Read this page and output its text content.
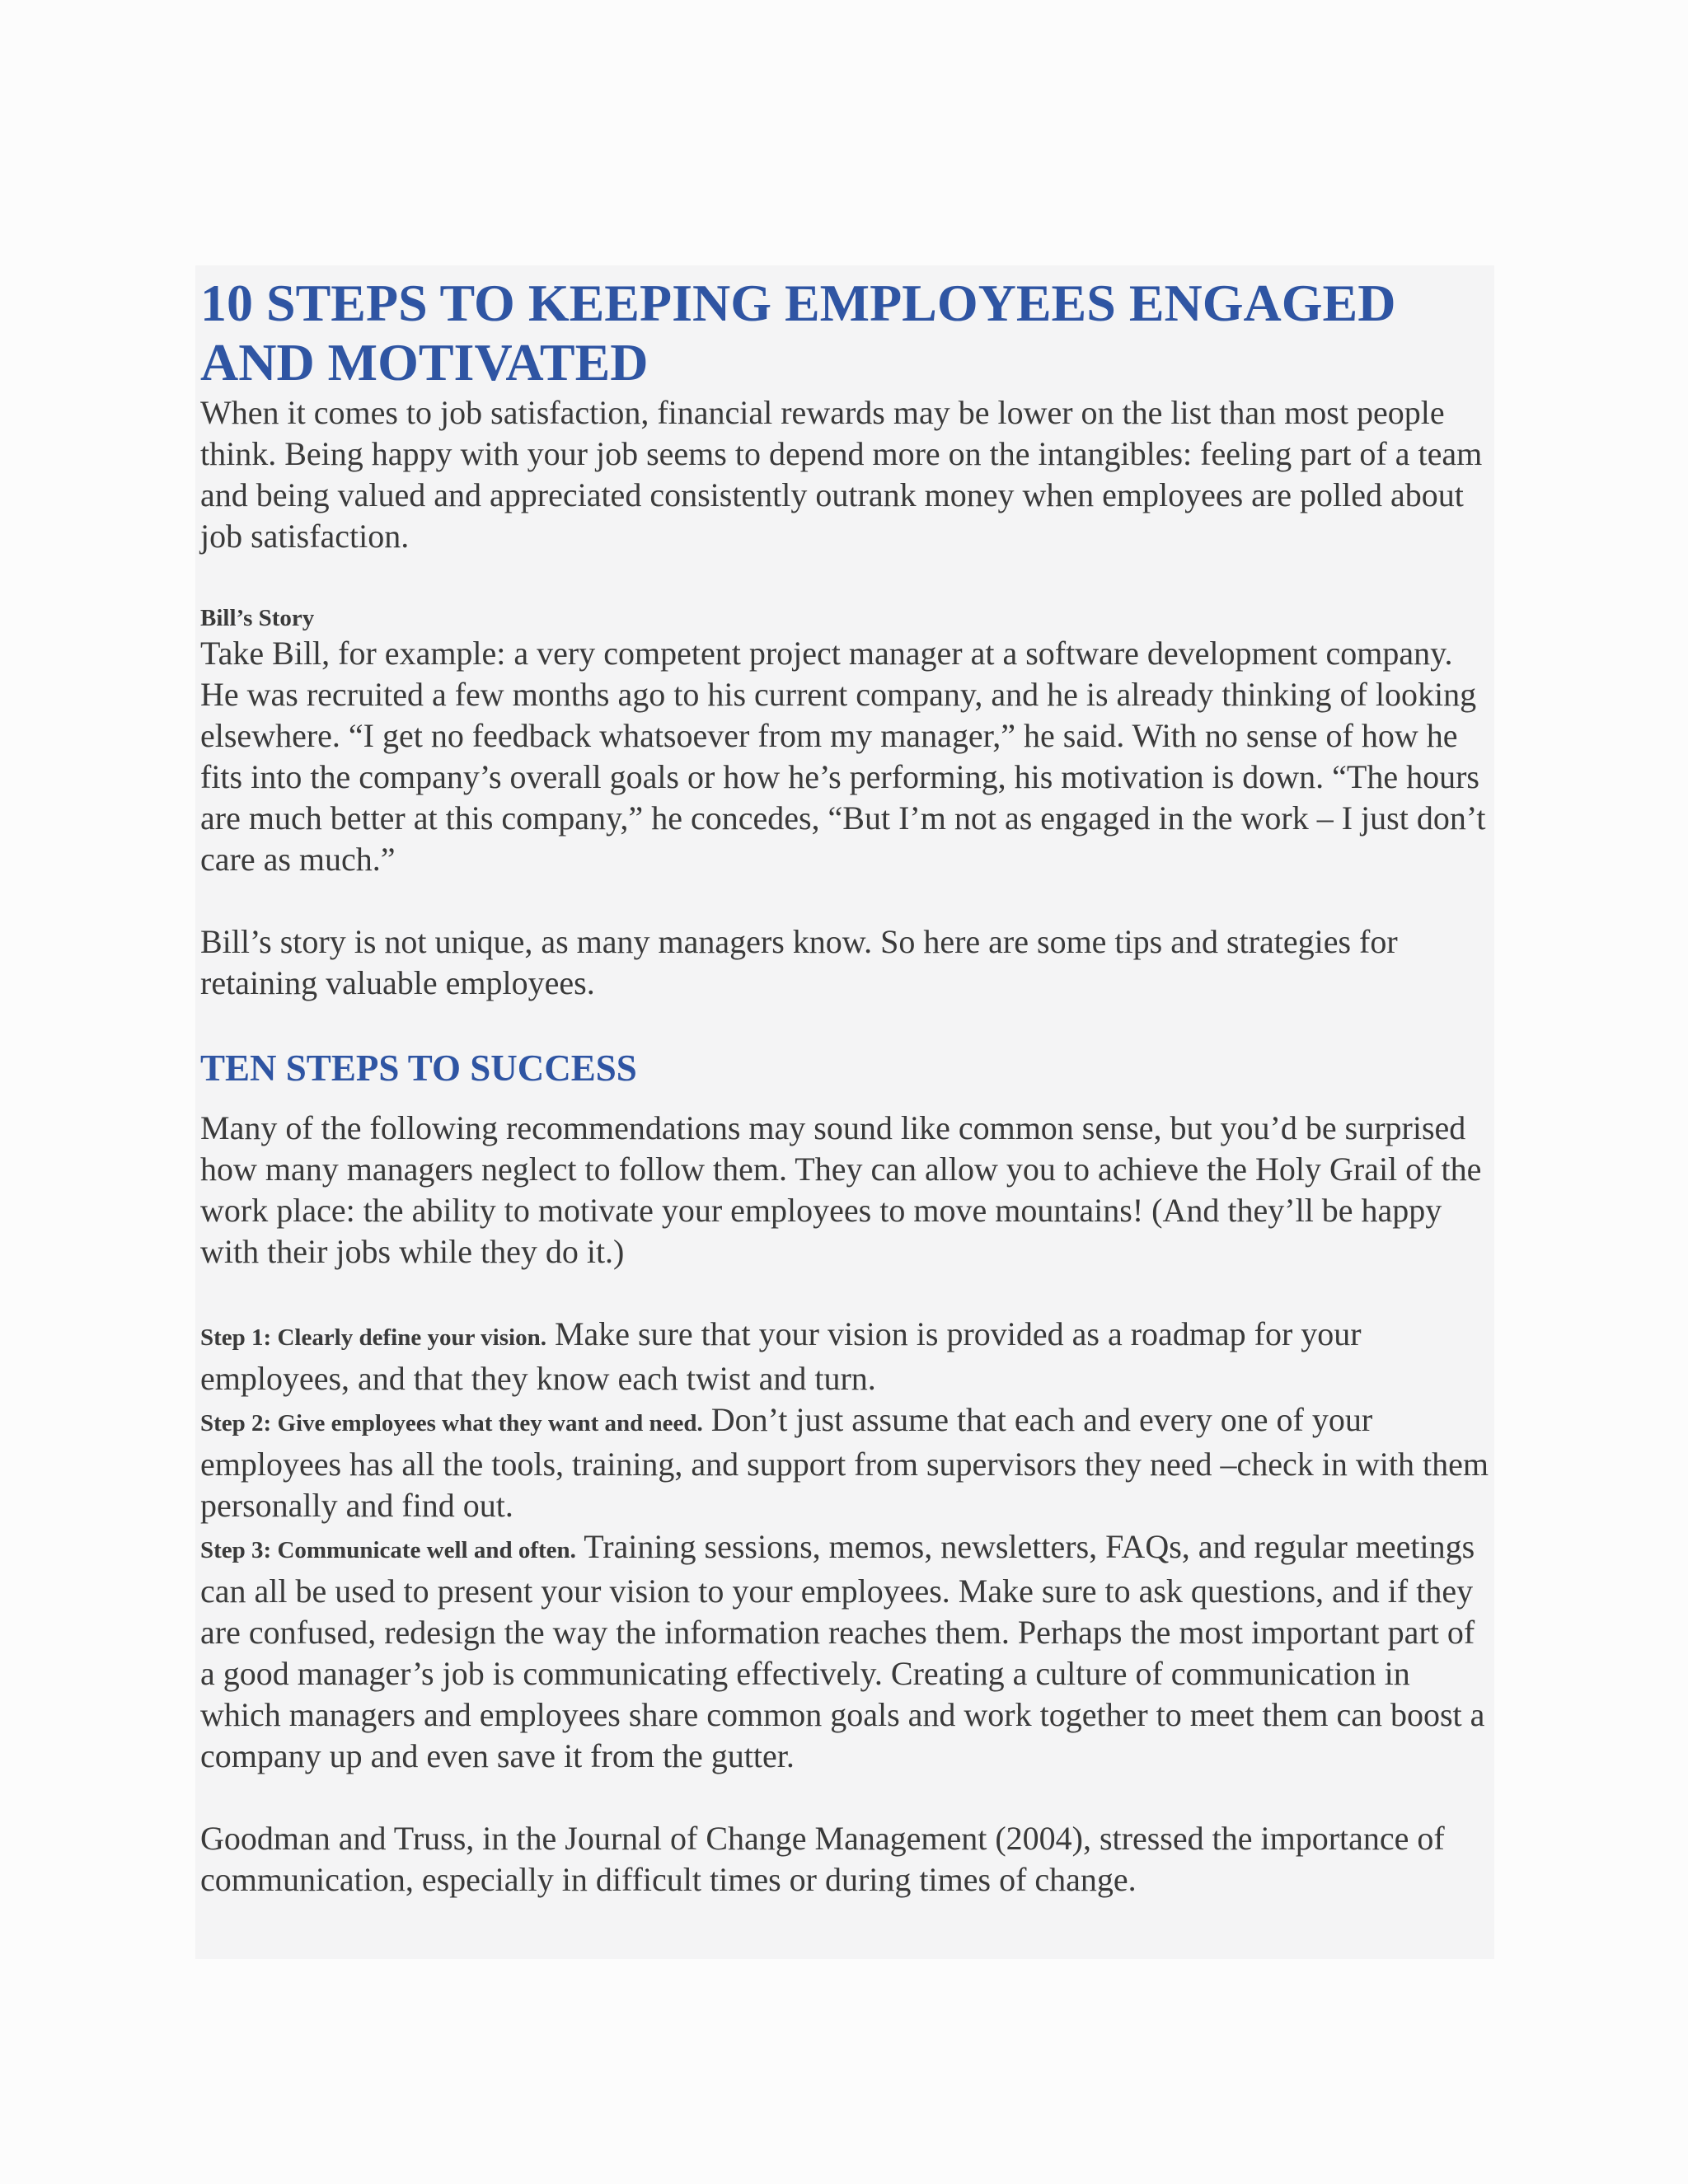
10 STEPS TO KEEPING EMPLOYEES ENGAGED AND MOTIVATED

When it comes to job satisfaction, financial rewards may be lower on the list than most people think. Being happy with your job seems to depend more on the intangibles: feeling part of a team and being valued and appreciated consistently outrank money when employees are polled about job satisfaction.

Bill’s Story

Take Bill, for example: a very competent project manager at a software development company. He was recruited a few months ago to his current company, and he is already thinking of looking elsewhere. “I get no feedback whatsoever from my manager,” he said. With no sense of how he fits into the company’s overall goals or how he’s performing, his motivation is down. “The hours are much better at this company,” he concedes, “But I’m not as engaged in the work – I just don’t care as much.”

Bill’s story is not unique, as many managers know. So here are some tips and strategies for retaining valuable employees.

TEN STEPS TO SUCCESS

Many of the following recommendations may sound like common sense, but you’d be surprised how many managers neglect to follow them. They can allow you to achieve the Holy Grail of the work place: the ability to motivate your employees to move mountains! (And they’ll be happy with their jobs while they do it.)

Step 1: Clearly define your vision. Make sure that your vision is provided as a roadmap for your employees, and that they know each twist and turn.

Step 2: Give employees what they want and need. Don’t just assume that each and every one of your employees has all the tools, training, and support from supervisors they need –check in with them personally and find out.

Step 3: Communicate well and often. Training sessions, memos, newsletters, FAQs, and regular meetings can all be used to present your vision to your employees. Make sure to ask questions, and if they are confused, redesign the way the information reaches them. Perhaps the most important part of a good manager’s job is communicating effectively. Creating a culture of communication in which managers and employees share common goals and work together to meet them can boost a company up and even save it from the gutter.

Goodman and Truss, in the Journal of Change Management (2004), stressed the importance of communication, especially in difficult times or during times of change.
